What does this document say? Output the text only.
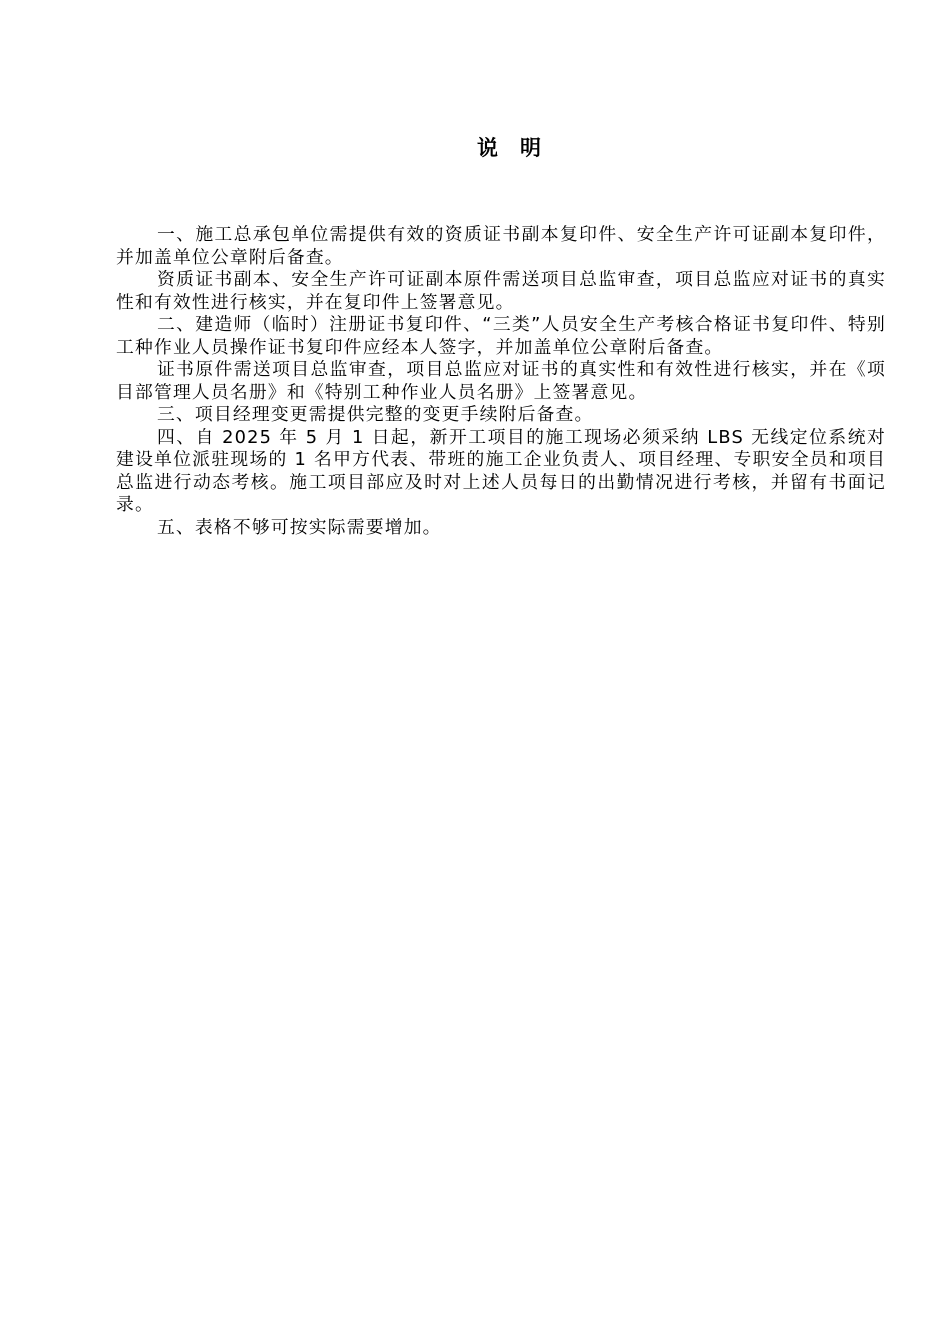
说明

一、施工总承包单位需提供有效的资质证书副本复印件、安全生产许可证副本复印件，并加盖单位公章附后备查。

资质证书副本、安全生产许可证副本原件需送项目总监审查，项目总监应对证书的真实性和有效性进行核实，并在复印件上签署意见。

二、建造师（临时）注册证书复印件、“三类”人员安全生产考核合格证书复印件、特别工种作业人员操作证书复印件应经本人签字，并加盖单位公章附后备查。

证书原件需送项目总监审查，项目总监应对证书的真实性和有效性进行核实，并在《项目部管理人员名册》和《特别工种作业人员名册》上签署意见。

三、项目经理变更需提供完整的变更手续附后备查。

四、自 2025 年 5 月 1 日起，新开工项目的施工现场必须采纳 LBS 无线定位系统对建设单位派驻现场的 1 名甲方代表、带班的施工企业负责人、项目经理、专职安全员和项目总监进行动态考核。施工项目部应及时对上述人员每日的出勤情况进行考核，并留有书面记录。

五、表格不够可按实际需要增加。
